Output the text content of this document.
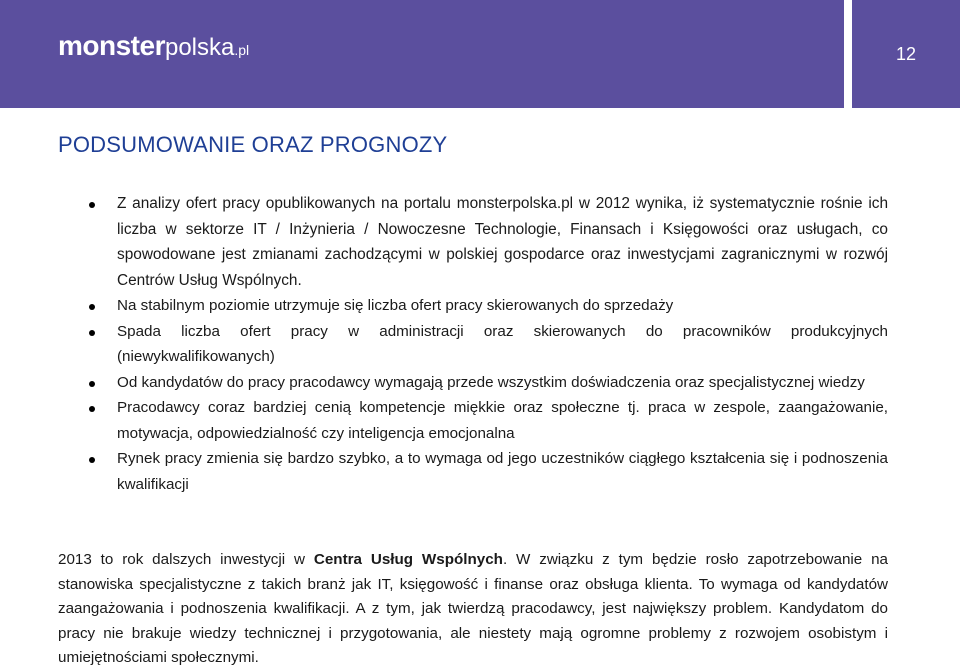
monsterpolska.pl	12
PODSUMOWANIE ORAZ PROGNOZY
Z analizy ofert pracy opublikowanych na portalu monsterpolska.pl w 2012 wynika, iż systematycznie rośnie ich liczba w sektorze IT / Inżynieria / Nowoczesne Technologie, Finansach i Księgowości oraz usługach, co spowodowane jest zmianami zachodzącymi w polskiej gospodarce oraz inwestycjami zagranicznymi w rozwój Centrów Usług Wspólnych.
Na stabilnym poziomie utrzymuje się liczba ofert pracy skierowanych do sprzedaży
Spada liczba ofert pracy w administracji oraz skierowanych do pracowników produkcyjnych (niewykwalifikowanych)
Od kandydatów do pracy pracodawcy wymagają przede wszystkim doświadczenia oraz specjalistycznej wiedzy
Pracodawcy coraz bardziej cenią kompetencje miękkie oraz społeczne tj. praca w zespole, zaangażowanie, motywacja, odpowiedzialność czy inteligencja emocjonalna
Rynek pracy zmienia się bardzo szybko, a to wymaga od jego uczestników ciągłego kształcenia się i podnoszenia kwalifikacji

2013 to rok dalszych inwestycji w Centra Usług Wspólnych. W związku z tym będzie rosło zapotrzebowanie na stanowiska specjalistyczne z takich branż jak IT, księgowość i finanse oraz obsługa klienta. To wymaga od kandydatów zaangażowania i podnoszenia kwalifikacji. A z tym, jak twierdzą pracodawcy, jest największy problem. Kandydatom do pracy nie brakuje wiedzy technicznej i przygotowania, ale niestety mają ogromne problemy z rozwojem osobistym i umiejętnościami społecznymi.
